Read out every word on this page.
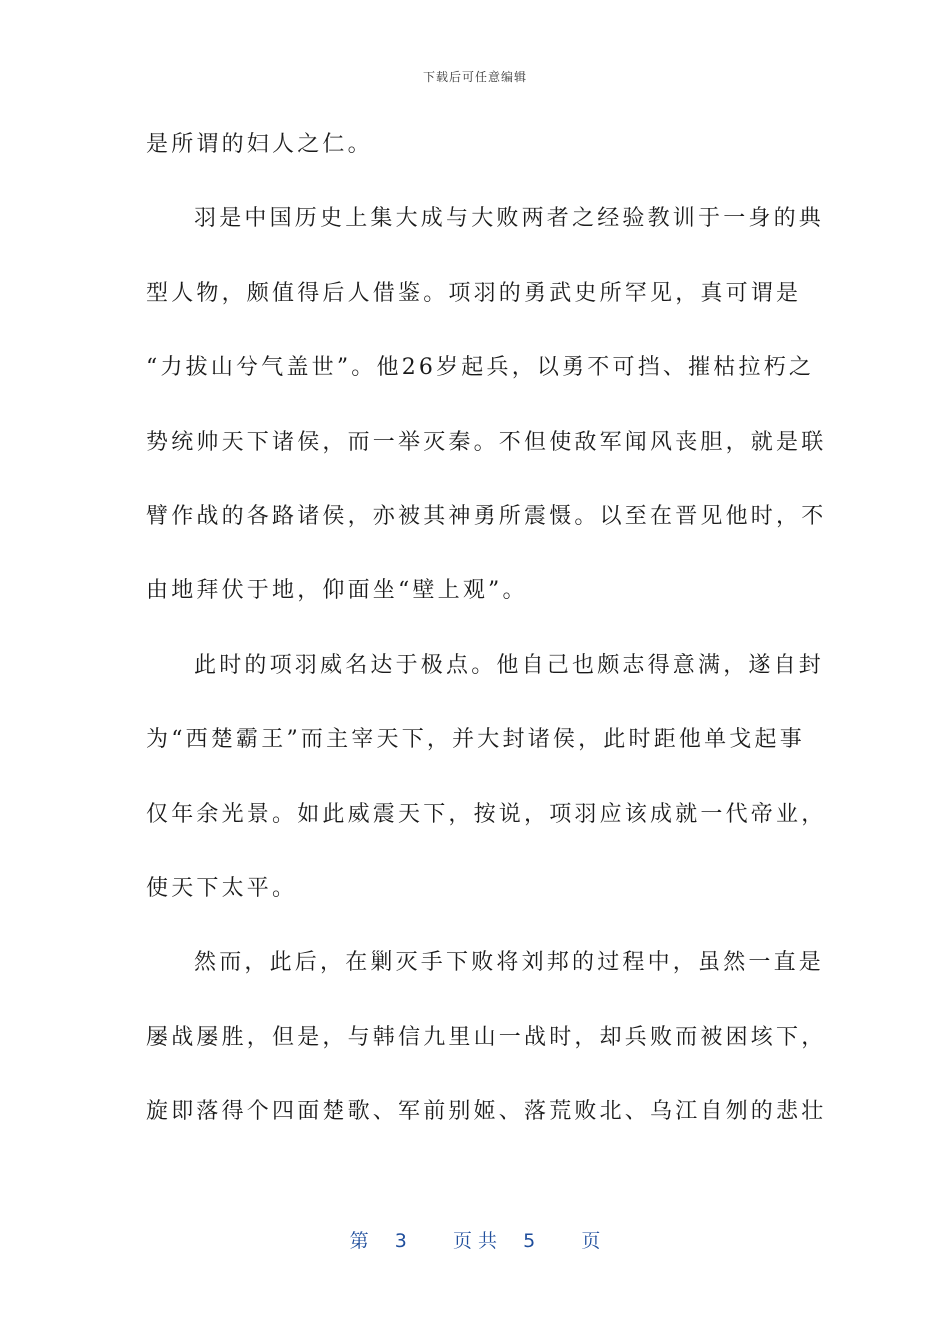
下载后可任意编辑
是所谓的妇人之仁。
羽是中国历史上集大成与大败两者之经验教训于一身的典
型人物，颇值得后人借鉴。项羽的勇武史所罕见，真可谓是
“力拔山兮气盖世”。他26岁起兵，以勇不可挡、摧枯拉朽之
势统帅天下诸侯，而一举灭秦。不但使敌军闻风丧胆，就是联
臂作战的各路诸侯，亦被其神勇所震慑。以至在晋见他时，不
由地拜伏于地，仰面坐“壁上观”。
此时的项羽威名达于极点。他自己也颇志得意满，遂自封
为“西楚霸王”而主宰天下，并大封诸侯，此时距他单戈起事
仅年余光景。如此威震天下，按说，项羽应该成就一代帝业，
使天下太平。
然而，此后，在剿灭手下败将刘邦的过程中，虽然一直是
屡战屡胜，但是，与韩信九里山一战时，却兵败而被困垓下，
旋即落得个四面楚歌、军前别姬、落荒败北、乌江自刎的悲壮
第 3 页 共 5 页
